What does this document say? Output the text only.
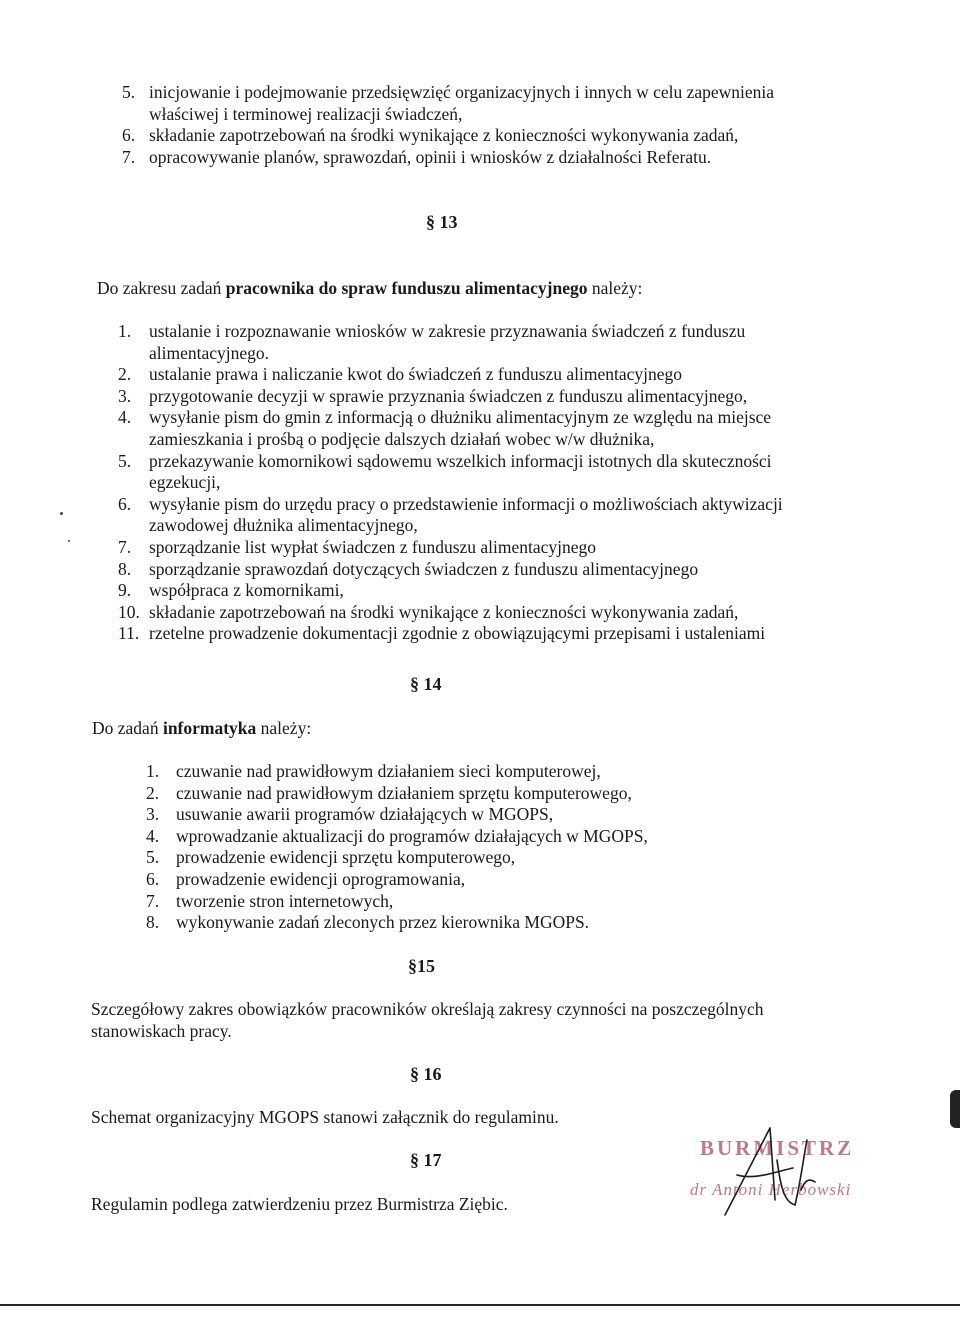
5. inicjowanie i podejmowanie przedsięwzięć organizacyjnych i innych w celu zapewnienia
właściwej i terminowej realizacji świadczeń,
6. składanie zapotrzebowań na środki wynikające z konieczności wykonywania zadań,
7. opracowywanie planów, sprawozdań, opinii i wniosków z działalności Referatu.
§ 13
Do zakresu zadań pracownika do spraw funduszu alimentacyjnego należy:
1. ustalanie i rozpoznawanie wniosków w zakresie przyznawania świadczeń z funduszu
alimentacyjnego.
2. ustalanie prawa i naliczanie kwot do świadczeń z funduszu alimentacyjnego
3. przygotowanie decyzji w sprawie przyznania świadczen z funduszu alimentacyjnego,
4. wysyłanie pism do gmin z informacją o dłużniku alimentacyjnym ze względu na miejsce
zamieszkania i prośbą o podjęcie dalszych działań wobec w/w dłużnika,
5. przekazywanie komornikowi sądowemu wszelkich informacji istotnych dla skuteczności
egzekucji,
6. wysyłanie pism do urzędu pracy o przedstawienie informacji o możliwościach aktywizacji
zawodowej dłużnika alimentacyjnego,
7. sporządzanie list wypłat świadczen z funduszu alimentacyjnego
8. sporządzanie sprawozdań dotyczących świadczen z funduszu alimentacyjnego
9. współpraca z komornikami,
10. składanie zapotrzebowań na środki wynikające z konieczności wykonywania zadań,
11. rzetelne prowadzenie dokumentacji zgodnie z obowiązującymi przepisami i ustaleniami
§ 14
Do zadań informatyka należy:
1. czuwanie nad prawidłowym działaniem sieci komputerowej,
2. czuwanie nad prawidłowym działaniem sprzętu komputerowego,
3. usuwanie awarii programów działających w MGOPS,
4. wprowadzanie aktualizacji do programów działających w MGOPS,
5. prowadzenie ewidencji sprzętu komputerowego,
6. prowadzenie ewidencji oprogramowania,
7. tworzenie stron internetowych,
8. wykonywanie zadań zleconych przez kierownika MGOPS.
§15
Szczegółowy zakres obowiązków pracowników określają zakresy czynności na poszczególnych
stanowiskach pracy.
§ 16
Schemat organizacyjny MGOPS stanowi załącznik do regulaminu.
§ 17
Regulamin podlega zatwierdzeniu przez Burmistrza Ziębic.
BURMISTRZ
dr Antoni Herbowski
